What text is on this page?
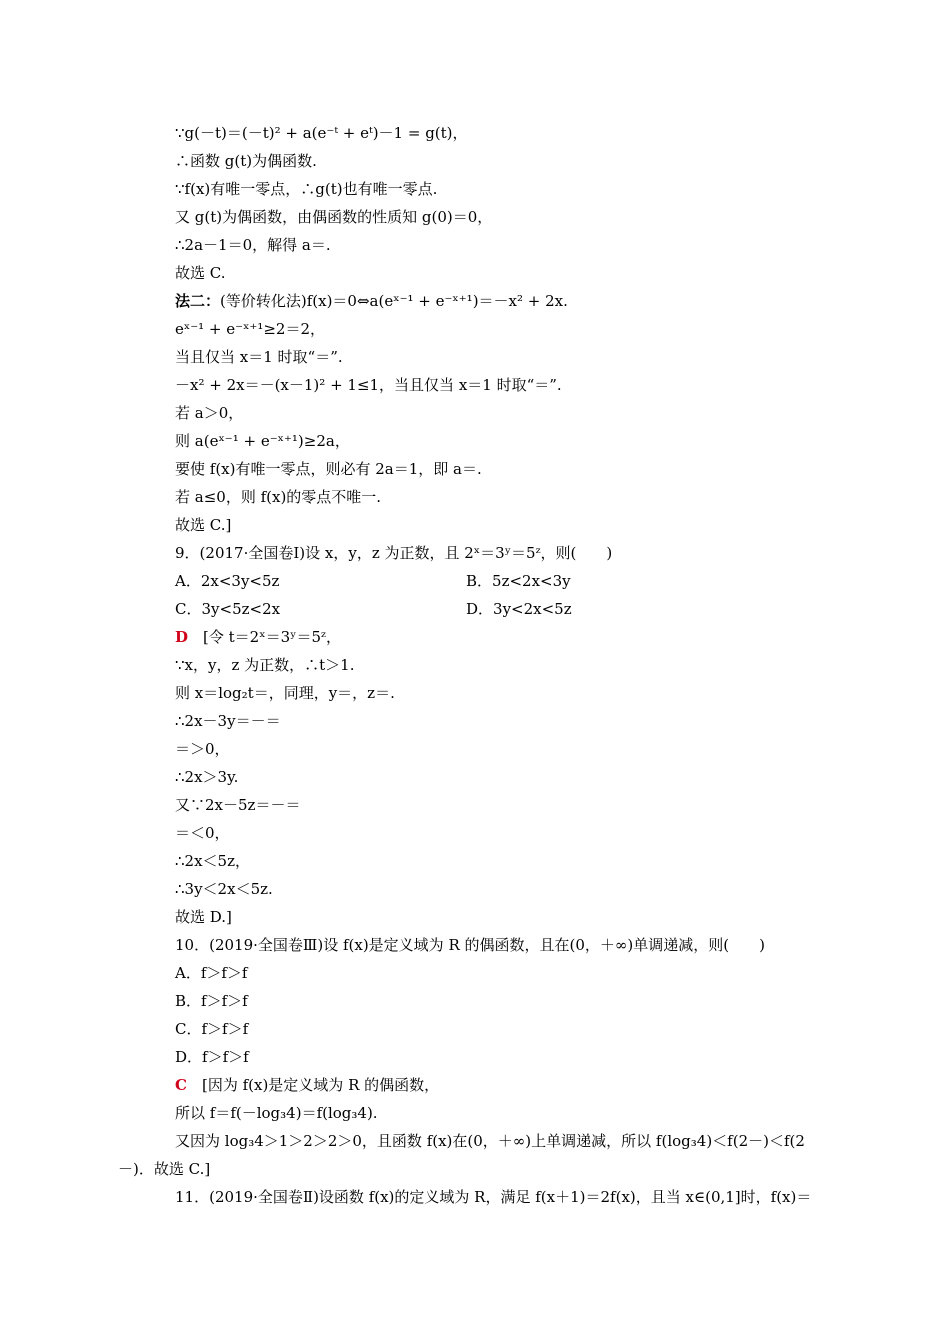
∵g(－t)＝(－t)² + a(e⁻ᵗ + eᵗ)－1 = g(t)，
∴函数 g(t)为偶函数.
∵f(x)有唯一零点，∴g(t)也有唯一零点.
又 g(t)为偶函数，由偶函数的性质知 g(0)＝0，
∴2a－1＝0，解得 a＝.
故选 C.
法二：(等价转化法)f(x)＝0⇔a(eˣ⁻¹ + e⁻ˣ⁺¹)＝－x² + 2x.
eˣ⁻¹ + e⁻ˣ⁺¹≥2＝2，
当且仅当 x＝1 时取“＝”.
－x² + 2x＝－(x－1)² + 1≤1，当且仅当 x＝1 时取“＝”.
若 a＞0，
则 a(eˣ⁻¹ + e⁻ˣ⁺¹)≥2a，
要使 f(x)有唯一零点，则必有 2a＝1，即 a＝.
若 a≤0，则 f(x)的零点不唯一.
故选 C.]
9．(2017·全国卷Ⅰ)设 x，y，z 为正数，且 2ˣ＝3ʸ＝5ᶻ，则(　　)
A．2x<3y<5z	B．5z<2x<3y
C．3y<5z<2x	D．3y<2x<5z
D　 [令 t＝2ˣ＝3ʸ＝5ᶻ，
∵x，y，z 为正数，∴t＞1.
则 x＝log₂t＝，同理，y＝，z＝.
∴2x－3y＝－＝
＝＞0，
∴2x＞3y.
又∵2x－5z＝－＝
＝＜0，
∴2x＜5z，
∴3y＜2x＜5z.
故选 D.]
10．(2019·全国卷Ⅲ)设 f(x)是定义域为 R 的偶函数，且在(0，＋∞)单调递减，则(　　)
A．f＞f＞f
B．f＞f＞f
C．f＞f＞f
D．f＞f＞f
C　 [因为 f(x)是定义域为 R 的偶函数，
所以 f＝f(－log₃4)＝f(log₃4).
又因为 log₃4＞1＞2＞2＞0，且函数 f(x)在(0，＋∞)上单调递减，所以 f(log₃4)＜f(2－)＜f(2
－)．故选 C.]
11．(2019·全国卷Ⅱ)设函数 f(x)的定义域为 R，满足 f(x＋1)＝2f(x)，且当 x∈(0,1]时，f(x)＝
